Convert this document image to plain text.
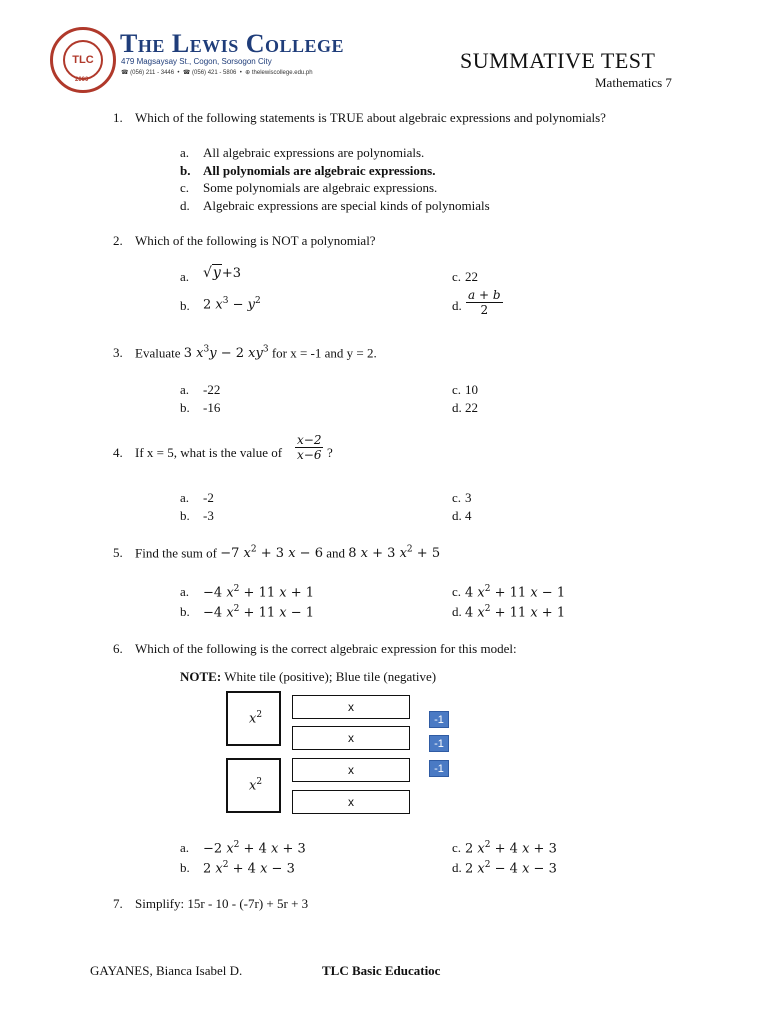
TLC
2000
The Lewis College
479 Magsaysay St., Cogon, Sorsogon City
☎ (056) 211 - 3446  •  ☎ (056) 421 - 5806  •  ⊕ thelewiscollege.edu.ph	SUMMATIVE TEST
Mathematics 7
1. Which of the following statements is TRUE about algebraic expressions and polynomials?
a. All algebraic expressions are polynomials.
b. All polynomials are algebraic expressions.
c. Some polynomials are algebraic expressions.
d. Algebraic expressions are special kinds of polynomials
2. Which of the following is NOT a polynomial?
a. √y+3
b. 2 $x^3 - y^2$
c. 22
d. $\frac{a + b}{2}$
3. Evaluate 3 $x^3y - 2$ $xy^3$ for x = -1 and y = 2.
a. -22
b. -16
c. 10
d. 22
4. If x = 5, what is the value of $\frac{x-2}{x-6}$ ?
a. -2
b. -3
c. 3
d. 4
5. Find the sum of −7 $x^2 + 3$ x − 6 and 8 x + 3 $x^2 + 5$
a. −4 $x^2 + 11$ x + 1
b. −4 $x^2 + 11$ x − 1
c. 4 $x^2 + 11$ x − 1
d. 4 $x^2 + 11$ x + 1
6. Which of the following is the correct algebraic expression for this model:
NOTE: White tile (positive); Blue tile (negative)
$x^2$
$x^2$
x
x
x
x
-1
-1
-1
a. −2 $x^2 + 4$ x + 3
b. 2 $x^2 + 4$ x − 3
c. 2 $x^2 + 4$ x + 3
d. 2 $x^2 - 4$ x − 3
7. Simplify: 15r - 10 - (-7r) + 5r + 3
GAYANES, Bianca Isabel D.	TLC Basic Educatioc
